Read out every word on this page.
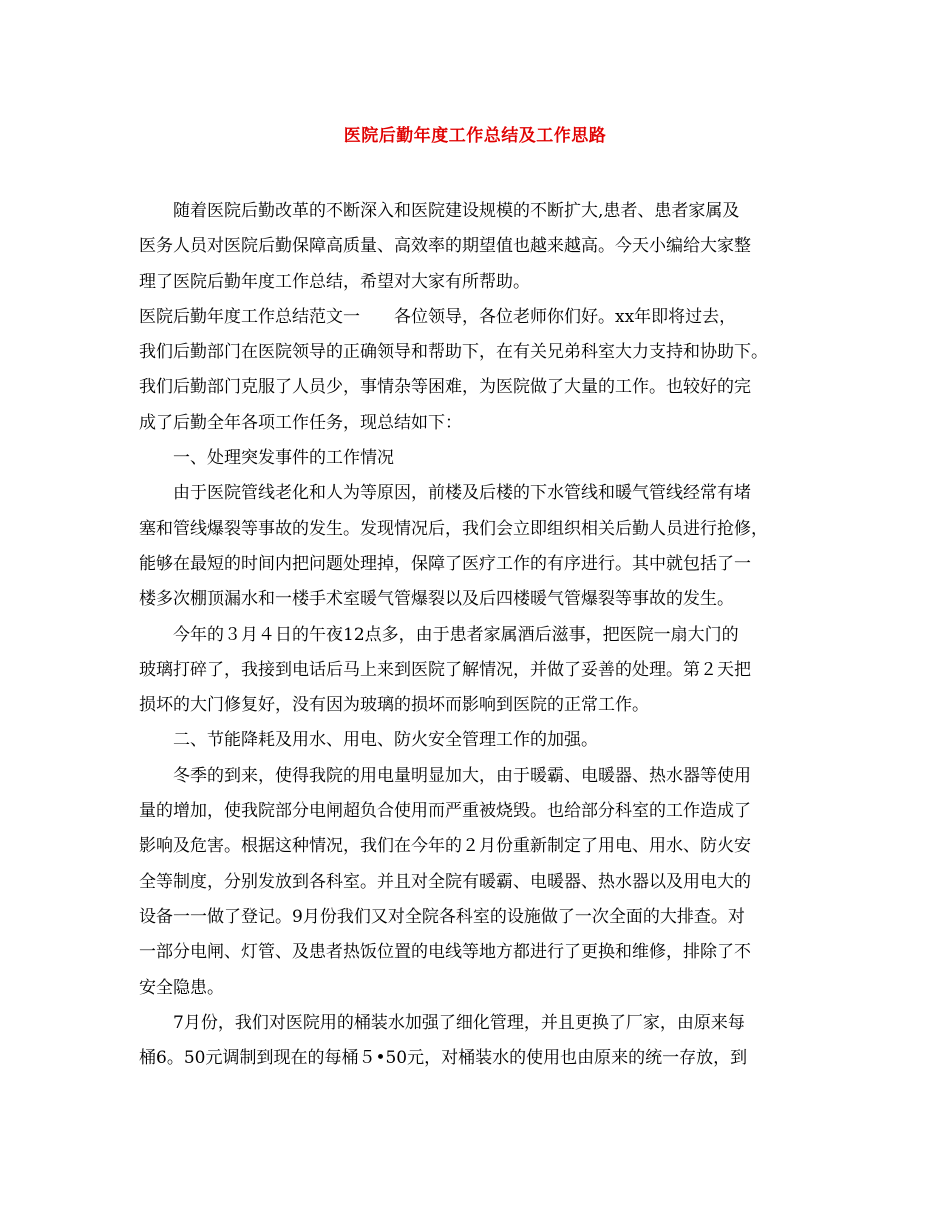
医院后勤年度工作总结及工作思路
随着医院后勤改革的不断深入和医院建设规模的不断扩大,患者、患者家属及
医务人员对医院后勤保障高质量、高效率的期望值也越来越高。今天小编给大家整
理了医院后勤年度工作总结，希望对大家有所帮助。
医院后勤年度工作总结范文一　　各位领导，各位老师你们好。xx年即将过去，
我们后勤部门在医院领导的正确领导和帮助下，在有关兄弟科室大力支持和协助下。
我们后勤部门克服了人员少，事情杂等困难，为医院做了大量的工作。也较好的完
成了后勤全年各项工作任务，现总结如下：
一、处理突发事件的工作情况
由于医院管线老化和人为等原因，前楼及后楼的下水管线和暖气管线经常有堵
塞和管线爆裂等事故的发生。发现情况后，我们会立即组织相关后勤人员进行抢修，
能够在最短的时间内把问题处理掉，保障了医疗工作的有序进行。其中就包括了一
楼多次棚顶漏水和一楼手术室暖气管爆裂以及后四楼暖气管爆裂等事故的发生。
今年的３月４日的午夜12点多，由于患者家属酒后滋事，把医院一扇大门的
玻璃打碎了，我接到电话后马上来到医院了解情况，并做了妥善的处理。第２天把
损坏的大门修复好，没有因为玻璃的损坏而影响到医院的正常工作。
二、节能降耗及用水、用电、防火安全管理工作的加强。
冬季的到来，使得我院的用电量明显加大，由于暖霸、电暖器、热水器等使用
量的增加，使我院部分电闸超负合使用而严重被烧毁。也给部分科室的工作造成了
影响及危害。根据这种情况，我们在今年的２月份重新制定了用电、用水、防火安
全等制度，分别发放到各科室。并且对全院有暖霸、电暖器、热水器以及用电大的
设备一一做了登记。9月份我们又对全院各科室的设施做了一次全面的大排查。对
一部分电闸、灯管、及患者热饭位置的电线等地方都进行了更换和维修，排除了不
安全隐患。
7月份，我们对医院用的桶装水加强了细化管理，并且更换了厂家，由原来每
桶6。50元调制到现在的每桶５•50元，对桶装水的使用也由原来的统一存放，到
